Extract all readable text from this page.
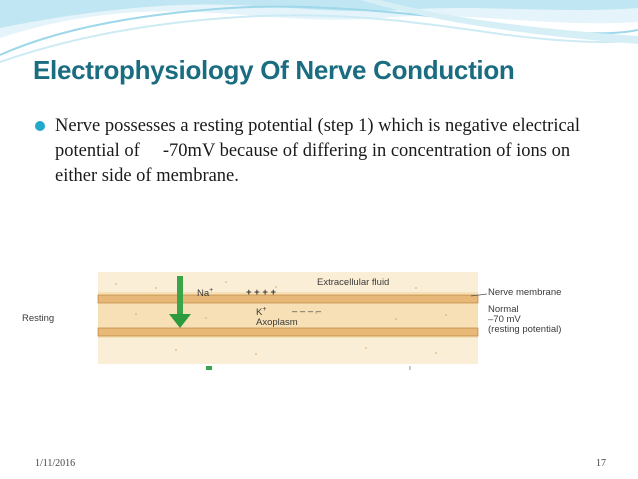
Electrophysiology Of Nerve Conduction

Nerve possesses a resting potential (step 1) which is negative electrical potential of     -70mV because of differing in concentration of ions on either side of membrane.

Resting
Extracellular fluid
Na+	+ + + +
K+	– – – –
Axoplasm
Nerve membrane
Normal
–70 mV
(resting potential)
1/11/2016	17
